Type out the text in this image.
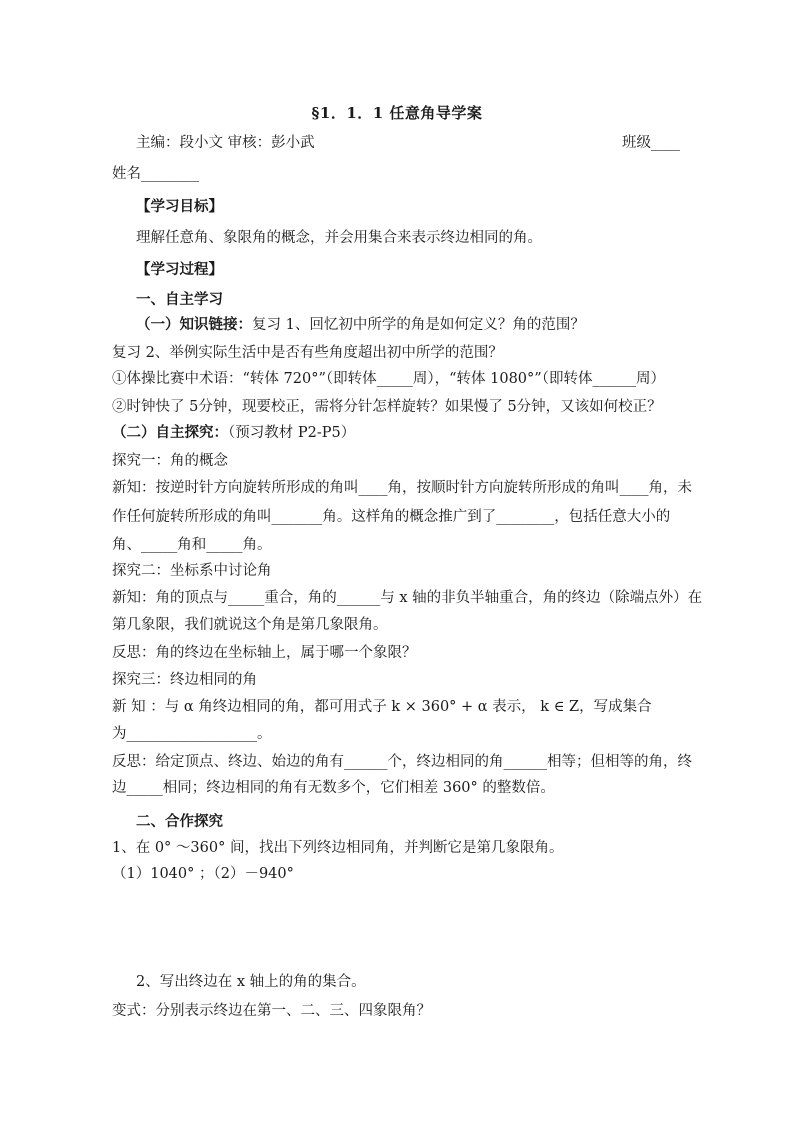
§1．1．1 任意角导学案
主编：段小文 审核：彭小武	班级____
姓名________
【学习目标】
理解任意角、象限角的概念，并会用集合来表示终边相同的角。
【学习过程】
一、自主学习
（一）知识链接：复习 1、回忆初中所学的角是如何定义？角的范围？
复习 2、举例实际生活中是否有些角度超出初中所学的范围？
①体操比赛中术语：“转体 720°”（即转体_____周），“转体 1080°”（即转体______周）
②时钟快了 5分钟，现要校正，需将分针怎样旋转？如果慢了 5分钟，又该如何校正？
（二）自主探究：（预习教材 P2-P5）
探究一：角的概念
新知：按逆时针方向旋转所形成的角叫____角，按顺时针方向旋转所形成的角叫____角，未
作任何旋转所形成的角叫_______角。这样角的概念推广到了________，包括任意大小的
角、_____角和_____角。
探究二：坐标系中讨论角
新知：角的顶点与_____重合，角的______与 x 轴的非负半轴重合，角的终边（除端点外）在
第几象限，我们就说这个角是第几象限角。
反思：角的终边在坐标轴上，属于哪一个象限？
探究三：终边相同的角
新 知 ：与 α 角终边相同的角，都可用式子 k × 360° + α 表示， k ∈ Z，写成集合
为__________________。
反思：给定顶点、终边、始边的角有______个，终边相同的角______相等；但相等的角，终
边_____相同；终边相同的角有无数多个，它们相差 360° 的整数倍。
二、合作探究
1、在 0° ～360° 间，找出下列终边相同角，并判断它是第几象限角。
（1）1040° ；（2）－940°
2、写出终边在 x 轴上的角的集合。
变式：分别表示终边在第一、二、三、四象限角？
